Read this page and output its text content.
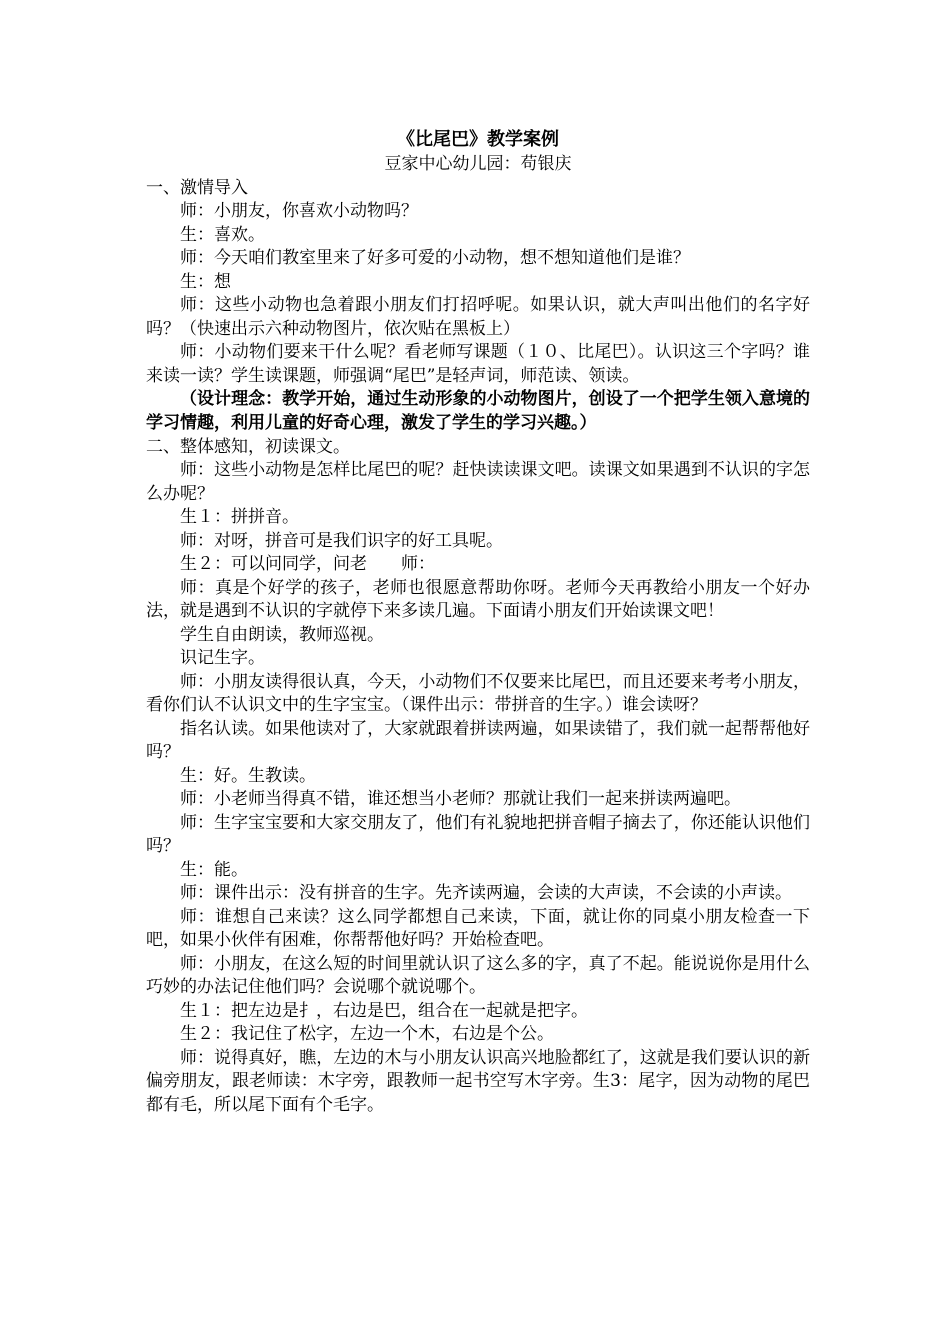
《比尾巴》教学案例

豆家中心幼儿园：苟银庆

一、激情导入

师：小朋友，你喜欢小动物吗？

生：喜欢。

师：今天咱们教室里来了好多可爱的小动物，想不想知道他们是谁？

生：想

师：这些小动物也急着跟小朋友们打招呼呢。如果认识，就大声叫出他们的名字好吗？（快速出示六种动物图片，依次贴在黑板上）

师：小动物们要来干什么呢？看老师写课题（１０、比尾巴）。认识这三个字吗？谁来读一读？学生读课题，师强调“尾巴”是轻声词，师范读、领读。

（设计理念：教学开始，通过生动形象的小动物图片，创设了一个把学生领入意境的学习情趣，利用儿童的好奇心理，激发了学生的学习兴趣。）

二、整体感知，初读课文。

师：这些小动物是怎样比尾巴的呢？赶快读读课文吧。读课文如果遇到不认识的字怎么办呢？

生１：拼拼音。

师：对呀，拼音可是我们识字的好工具呢。

生２：可以问同学，问老　　师：

师：真是个好学的孩子，老师也很愿意帮助你呀。老师今天再教给小朋友一个好办法，就是遇到不认识的字就停下来多读几遍。下面请小朋友们开始读课文吧！

学生自由朗读，教师巡视。

识记生字。

师：小朋友读得很认真，今天，小动物们不仅要来比尾巴，而且还要来考考小朋友，看你们认不认识文中的生字宝宝。（课件出示：带拼音的生字。）谁会读呀？

指名认读。如果他读对了，大家就跟着拼读两遍，如果读错了，我们就一起帮帮他好吗？

生：好。生教读。

师：小老师当得真不错，谁还想当小老师？那就让我们一起来拼读两遍吧。

师：生字宝宝要和大家交朋友了，他们有礼貌地把拼音帽子摘去了，你还能认识他们吗？

生：能。

师：课件出示：没有拼音的生字。先齐读两遍，会读的大声读，不会读的小声读。

师：谁想自己来读？这么同学都想自己来读，下面，就让你的同桌小朋友检查一下吧，如果小伙伴有困难，你帮帮他好吗？开始检查吧。

师：小朋友，在这么短的时间里就认识了这么多的字，真了不起。能说说你是用什么巧妙的办法记住他们吗？会说哪个就说哪个。

生１：把左边是扌，右边是巴，组合在一起就是把字。

生２：我记住了松字，左边一个木，右边是个公。

师：说得真好，瞧，左边的木与小朋友认识高兴地脸都红了，这就是我们要认识的新偏旁朋友，跟老师读：木字旁，跟教师一起书空写木字旁。生3：尾字，因为动物的尾巴都有毛，所以尾下面有个毛字。
